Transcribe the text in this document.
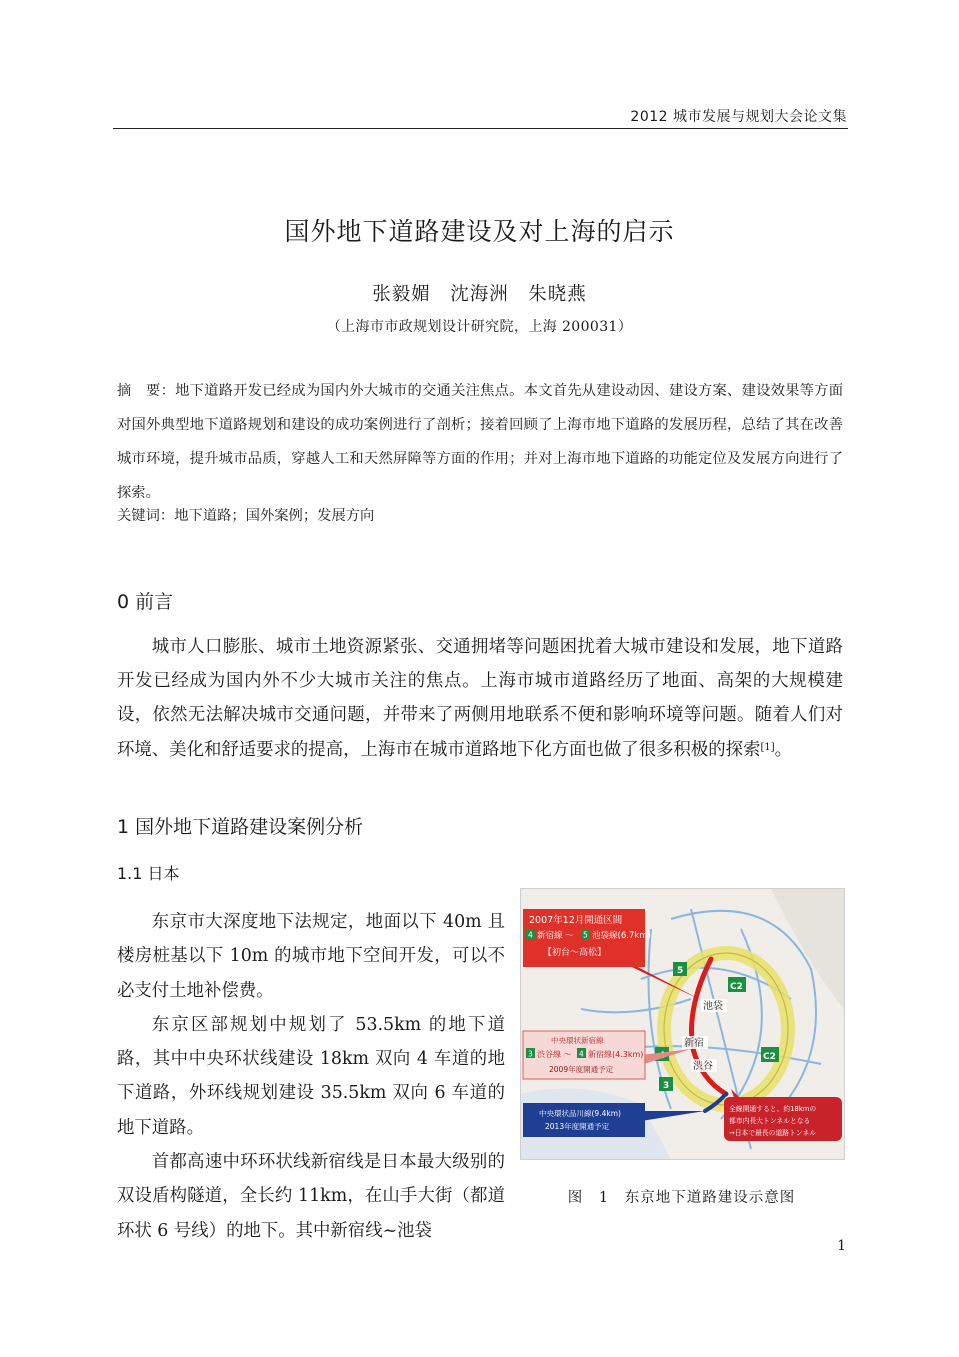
2012 城市发展与规划大会论文集
国外地下道路建设及对上海的启示
张毅媚　沈海洲　朱晓燕
（上海市市政规划设计研究院，上海 200031）
摘　要：地下道路开发已经成为国内外大城市的交通关注焦点。本文首先从建设动因、建设方案、建设效果等方面对国外典型地下道路规划和建设的成功案例进行了剖析；接着回顾了上海市地下道路的发展历程，总结了其在改善城市环境，提升城市品质，穿越人工和天然屏障等方面的作用；并对上海市地下道路的功能定位及发展方向进行了探索。
关键词：地下道路；国外案例；发展方向
0 前言
城市人口膨胀、城市土地资源紧张、交通拥堵等问题困扰着大城市建设和发展，地下道路开发已经成为国内外不少大城市关注的焦点。上海市城市道路经历了地面、高架的大规模建设，依然无法解决城市交通问题，并带来了两侧用地联系不便和影响环境等问题。随着人们对环境、美化和舒适要求的提高，上海市在城市道路地下化方面也做了很多积极的探索[1]。
1 国外地下道路建设案例分析
1.1 日本

东京市大深度地下法规定，地面以下 40m 且楼房桩基以下 10m 的城市地下空间开发，可以不必支付土地补偿费。

东京区部规划中规划了 53.5km 的地下道路，其中中央环状线建设 18km 双向 4 车道的地下道路，外环线规划建设 35.5km 双向 6 车道的地下道路。

首都高速中环环状线新宿线是日本最大级别的双设盾构隧道，全长约 11km，在山手大街（都道环状 6 号线）的地下。其中新宿线~池袋

池袋
新宿
渋谷
5
3
C2
C2
2007年12月開通区間
4 新宿線 ～ 5 池袋線(6.7km)
【初台～高松】
中央環状新宿線
3 渋谷線 ～ 4 新宿線(4.3km)
2009年度開通予定
中央環状品川線(9.4km)
2013年度開通予定
全線開通すると、約18kmの
都市内長大トンネルとなる
→日本で最長の道路トンネル
图 1 东京地下道路建设示意图
1
